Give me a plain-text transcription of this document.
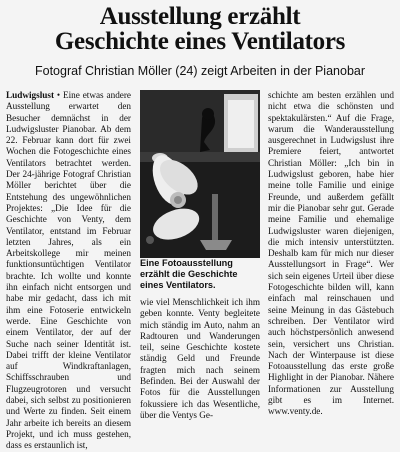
Ausstellung erzählt
Geschichte eines Ventilators
Fotograf Christian Möller (24) zeigt Arbeiten in der Pianobar

Ludwigslust • Eine etwas andere Ausstellung erwartet den Besucher demnächst in der Ludwigsluster Pianobar. Ab dem 22. Februar kann dort für zwei Wochen die Fotogeschichte eines Ventilators betrachtet werden. Der 24-jährige Fotograf Christian Möller berichtet über die Entstehung des ungewöhnlichen Projektes: „Die Idee für die Geschichte von Venty, dem Ventilator, entstand im Februar letzten Jahres, als ein Arbeitskollege mir meinen funktionsuntüchtigen Ventilator brachte. Ich wollte und konnte ihn einfach nicht entsorgen und habe mir gedacht, dass ich mit ihm eine Fotoserie entwickeln werde. Eine Geschichte von einem Ventilator, der auf der Suche nach seiner Identität ist. Dabei trifft der kleine Ventilator auf Windkraftanlagen, Schiffsschrauben und Flugzeugrotoren und versucht dabei, sich selbst zu positionieren und Werte zu finden. Seit einem Jahr arbeite ich bereits an diesem Projekt, und ich muss gestehen, dass es erstaunlich ist,

Eine Fotoausstellung erzählt die Geschichte eines Ventilators.

wie viel Menschlichkeit ich ihm geben konnte. Venty begleitete mich ständig im Auto, nahm an Radtouren und Wanderungen teil, seine Geschichte kostete ständig Geld und Freunde fragten mich nach seinem Befinden. Bei der Auswahl der Fotos für die Ausstellungen fokussiere ich das Wesentliche, über die Ventys Ge-

schichte am besten erzählen und nicht etwa die schönsten und spektakulärsten.“ Auf die Frage, warum die Wanderausstellung ausgerechnet in Ludwigslust ihre Premiere feiert, antwortet Christian Möller: „Ich bin in Ludwigslust geboren, habe hier meine tolle Familie und einige Freunde, und außerdem gefällt mir die Pianobar sehr gut. Gerade meine Familie und ehemalige Ludwigsluster waren diejenigen, die mich intensiv unterstützten. Deshalb kam für mich nur dieser Ausstellungsort in Frage“. Wer sich sein eigenes Urteil über diese Fotogeschichte bilden will, kann einfach mal reinschauen und seine Meinung in das Gästebuch schreiben. Der Ventilator wird auch höchstpersönlich anwesend sein, versichert uns Christian. Nach der Winterpause ist diese Fotoausstellung das erste große Highlight in der Pianobar. Nähere Informationen zur Ausstellung gibt es im Internet. www.venty.de.
